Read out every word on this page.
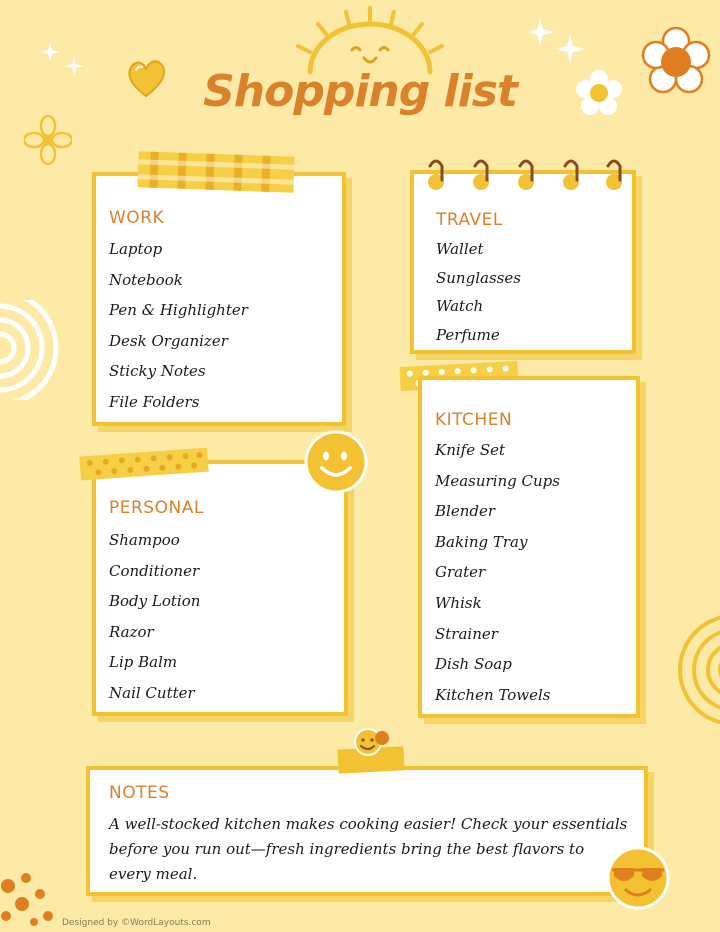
WORK
Laptop
Notebook
Pen & Highlighter
Desk Organizer
Sticky Notes
File Folders
TRAVEL
Wallet
Sunglasses
Watch
Perfume
KITCHEN
Knife Set
Measuring Cups
Blender
Baking Tray
Grater
Whisk
Strainer
Dish Soap
Kitchen Towels
PERSONAL
Shampoo
Conditioner
Body Lotion
Razor
Lip Balm
Nail Cutter
NOTES
A well-stocked kitchen makes cooking easier! Check your essentials
before you run out—fresh ingredients bring the best flavors to
every meal.
Shopping list
Designed by ©WordLayouts.com
